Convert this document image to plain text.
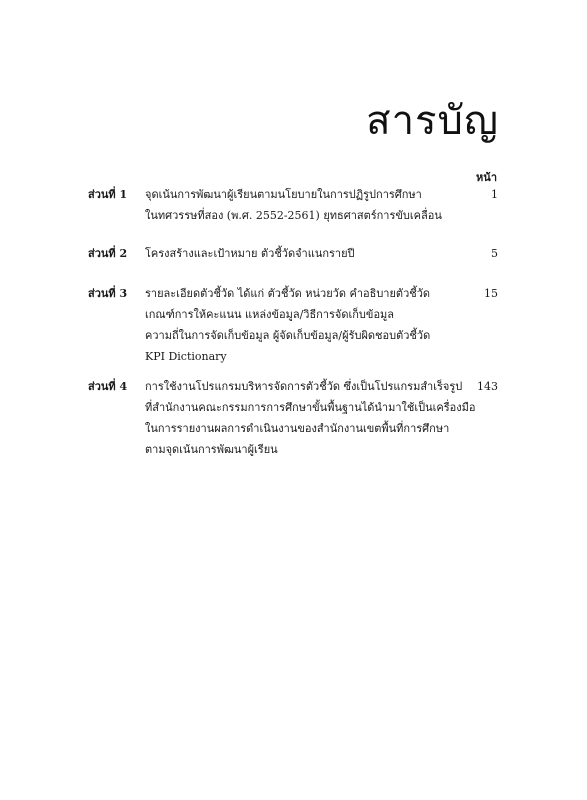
สารบัญ
หน้า
ส่วนที่ 1 จุดเน้นการพัฒนาผู้เรียนตามนโยบายในการปฏิรูปการศึกษา
ในทศวรรษที่สอง (พ.ศ. 2552-2561) ยุทธศาสตร์การขับเคลื่อน
1
ส่วนที่ 2 โครงสร้างและเป้าหมาย ตัวชี้วัดจำแนกรายปี	5
ส่วนที่ 3 รายละเอียดตัวชี้วัด ได้แก่ ตัวชี้วัด หน่วยวัด คำอธิบายตัวชี้วัด
เกณฑ์การให้คะแนน แหล่งข้อมูล/วิธีการจัดเก็บข้อมูล
ความถี่ในการจัดเก็บข้อมูล ผู้จัดเก็บข้อมูล/ผู้รับผิดชอบตัวชี้วัด
KPI Dictionary
15
ส่วนที่ 4 การใช้งานโปรแกรมบริหารจัดการตัวชี้วัด ซึ่งเป็นโปรแกรมสำเร็จรูป
ที่สำนักงานคณะกรรมการการศึกษาขั้นพื้นฐานได้นำมาใช้เป็นเครื่องมือ
ในการรายงานผลการดำเนินงานของสำนักงานเขตพื้นที่การศึกษา
ตามจุดเน้นการพัฒนาผู้เรียน
143
